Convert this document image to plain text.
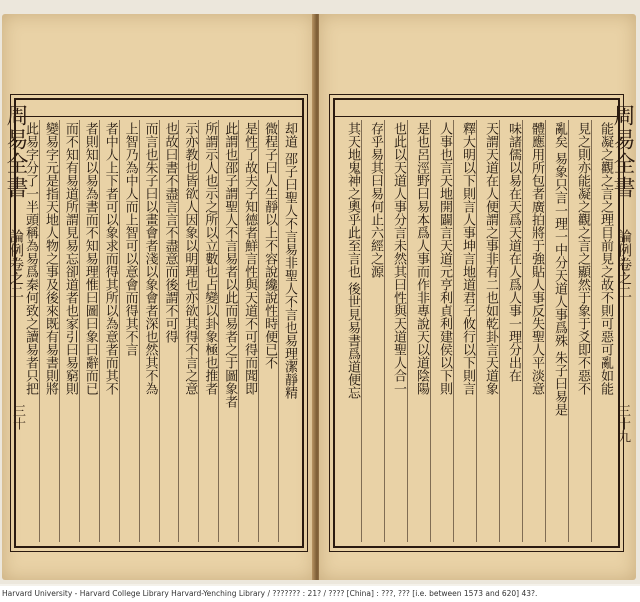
周易全書
論例卷之二
三十
却道 邵子曰聖人不言易非聖人不言也易理潔靜精
微程子曰人生靜以上不容說纔說性時便已不
是性了故夫子知德者鮮言性與天道不可得而聞即
此謂也邵子謂聖人不言易者以此而易者之于圖象者
所謂示人也示之所以立數也占變以卦象極也推者
示亦教也皆欲人因象以明理也亦欲其得不言之意
也故曰書不盡言言不盡意而後謂不可得
而言也朱子曰以畫會者淺以象會者深也然其不為
上智乃為中人而上智可以意會而得其不言
者中人上下者可以象求而得其所以為意者而其不
者則知以易為書而不知易理惟曰圖曰象曰辭而已
而不知有易道所謂見易忘卻道者也家引曰易窮則
變易字元是指天地人物之事及後來既有易書則將
此易字分了一半頭稱為易爲秦何致之讀易者只把	周易全書
論例卷之二
三十九
能凝之觀之言之理目前見之故不則可惡可亂如能
見之則亦能凝之觀之言之顯然于象于爻即不惡不
亂矣 易象只言一理一中分天道人事爲殊 朱子曰易是
體應用所包者廣拍將于強貼人事反失聖人平淡意
味諸儒以易在天爲天道在人爲人事一理分出在
天謂天道在人便謂之事非有二也如乾卦言天道象
釋大明以下則言人事坤言地道君子攸行以下則言
人事也言天地開闢言天道元亨利貞利建侯以下則
是也呂涇野曰易本爲人事而作非專說天以道陰陽
也此以天道人事分言未然其曰性與天道聖人合一
存乎易其曰易何止六經之源
其天地鬼神之奧乎此至言也 後世見易書爲道便忘
Harvard University - Harvard College Library Harvard-Yenching Library / ??????? : 21? / ???? [China] : ???, ??? [i.e. between 1573 and 620] 43?.
